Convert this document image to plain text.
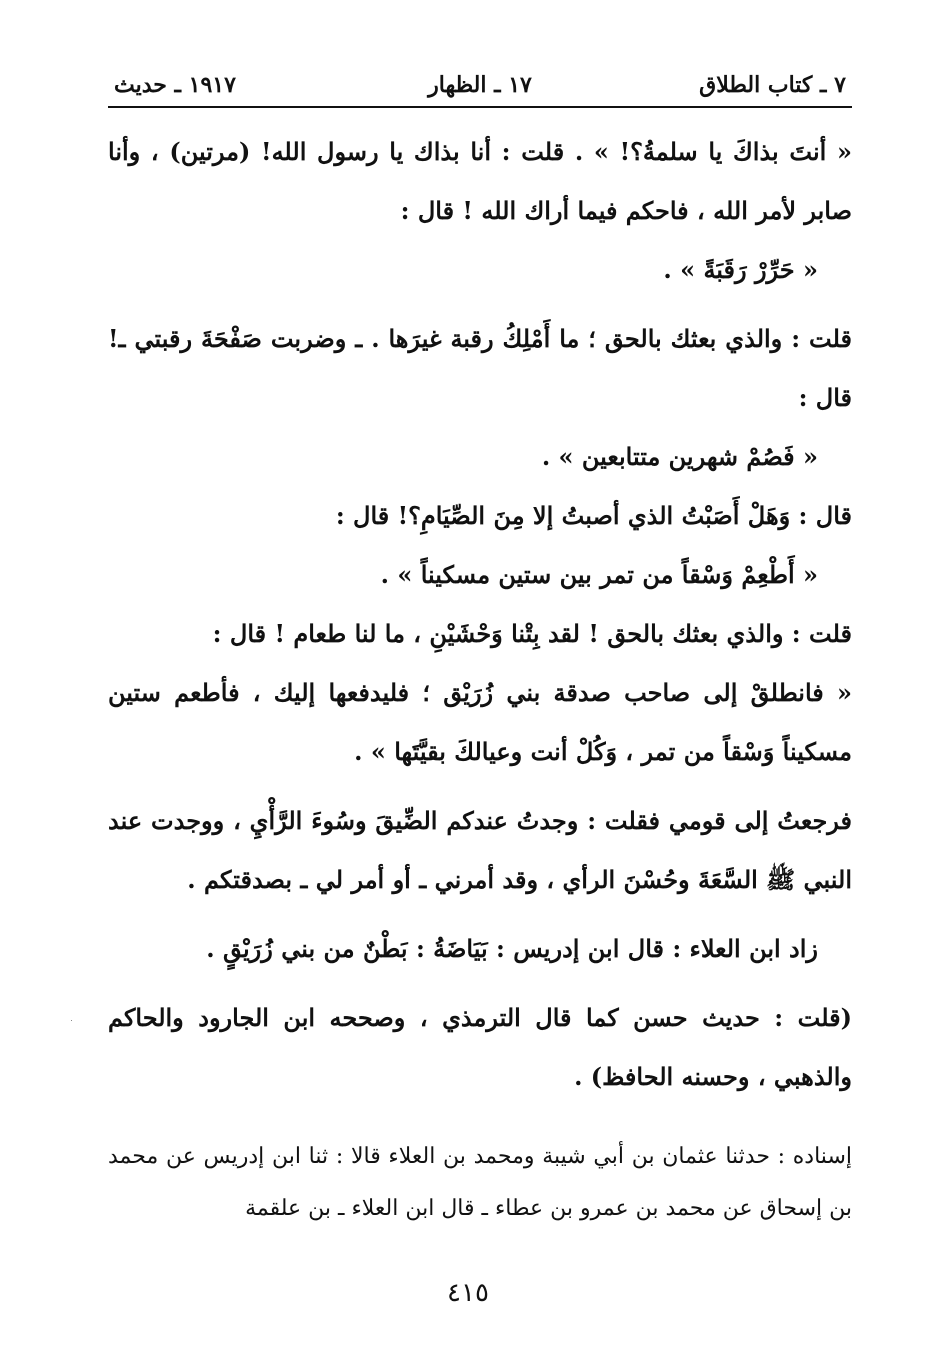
٧ ـ كتاب الطلاق
١٧ ـ الظهار
١٩١٧ ـ حديث

« أنتَ بذاكَ يا سلمةُ؟! » . قلت : أنا بذاك يا رسول الله! (مرتين) ، وأنا صابر لأمر الله ، فاحكم فيما أراك الله ! قال :

« حَرِّرْ رَقَبَةً » .

قلت : والذي بعثك بالحق ؛ ما أَمْلِكُ رقبة غيرَها . ـ وضربت صَفْحَةَ رقبتي ـ! قال :

« فَصُمْ شهرين متتابعين » .

قال : وَهَلْ أَصَبْتُ الذي أصبتُ إلا مِنَ الصِّيَامِ؟! قال :

« أَطْعِمْ وَسْقاً من تمر بين ستين مسكيناً » .

قلت : والذي بعثك بالحق ! لقد بِتْنا وَحْشَيْنِ ، ما لنا طعام ! قال :

« فانطلقْ إلى صاحب صدقة بني زُرَيْق ؛ فليدفعها إليك ، فأطعم ستين مسكيناً وَسْقاً من تمر ، وَكُلْ أنت وعيالكَ بقيَّتَها » .

فرجعتُ إلى قومي فقلت : وجدتُ عندكم الضِّيقَ وسُوءَ الرَّأْيِ ، ووجدت عند النبي ﷺ السَّعَةَ وحُسْنَ الرأي ، وقد أمرني ـ أو أمر لي ـ بصدقتكم .

زاد ابن العلاء : قال ابن إدريس : بَيَاضَةُ : بَطْنٌ من بني زُرَيْقٍ .

(قلت : حديث حسن كما قال الترمذي ، وصححه ابن الجارود والحاكم والذهبي ، وحسنه الحافظ) .

إسناده : حدثنا عثمان بن أبي شيبة ومحمد بن العلاء قالا : ثنا ابن إدريس عن محمد بن إسحاق عن محمد بن عمرو بن عطاء ـ قال ابن العلاء ـ بن علقمة

٤١٥
